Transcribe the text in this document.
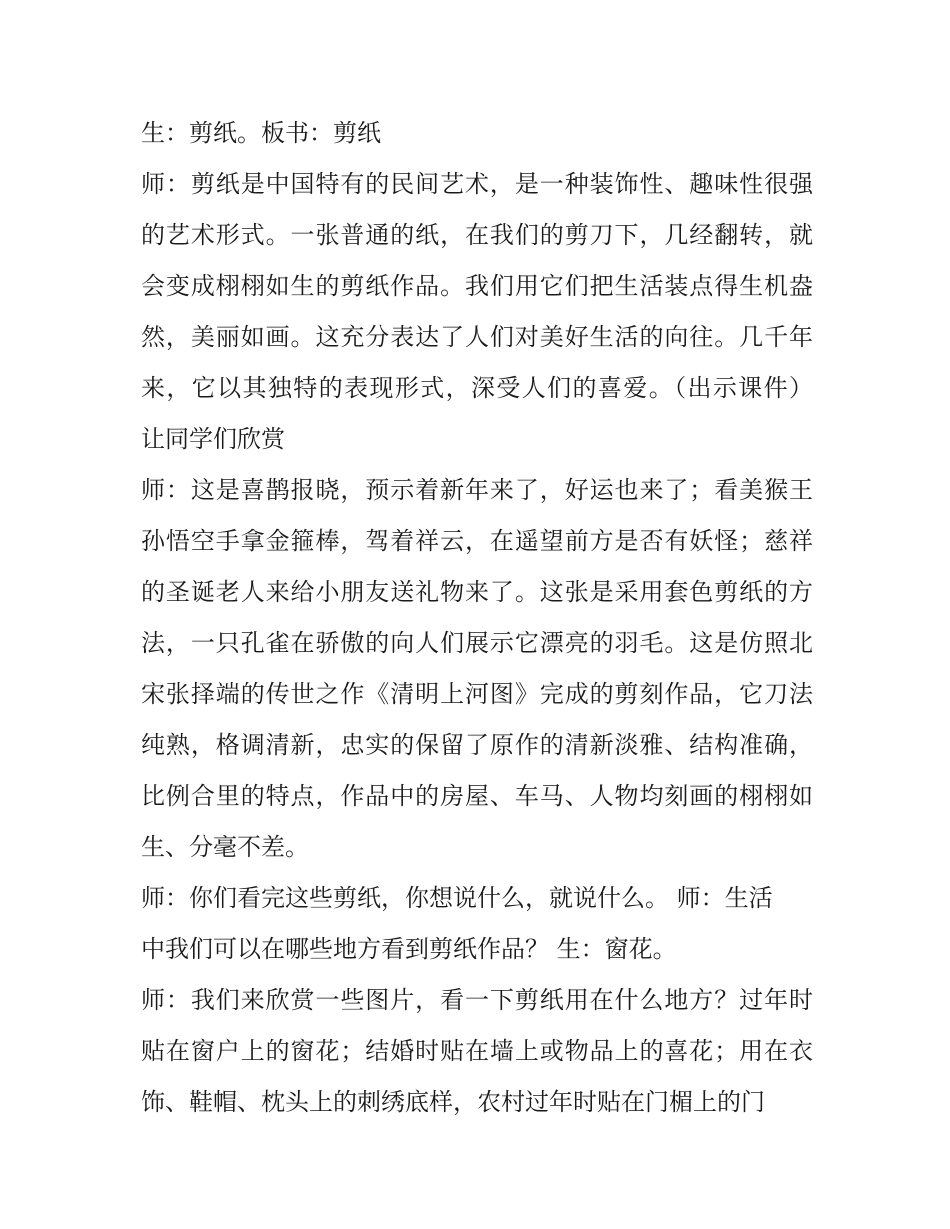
生：剪纸。板书：剪纸
师：剪纸是中国特有的民间艺术，是一种装饰性、趣味性很强
的艺术形式。一张普通的纸，在我们的剪刀下，几经翻转，就
会变成栩栩如生的剪纸作品。我们用它们把生活装点得生机盎
然，美丽如画。这充分表达了人们对美好生活的向往。几千年
来，它以其独特的表现形式，深受人们的喜爱。（出示课件）
让同学们欣赏
师：这是喜鹊报晓，预示着新年来了，好运也来了；看美猴王
孙悟空手拿金箍棒，驾着祥云，在遥望前方是否有妖怪；慈祥
的圣诞老人来给小朋友送礼物来了。这张是采用套色剪纸的方
法，一只孔雀在骄傲的向人们展示它漂亮的羽毛。这是仿照北
宋张择端的传世之作《清明上河图》完成的剪刻作品，它刀法
纯熟，格调清新，忠实的保留了原作的清新淡雅、结构准确，
比例合里的特点，作品中的房屋、车马、人物均刻画的栩栩如
生、分毫不差。
师：你们看完这些剪纸，你想说什么，就说什么。 师：生活
中我们可以在哪些地方看到剪纸作品？ 生：窗花。
师：我们来欣赏一些图片，看一下剪纸用在什么地方？过年时
贴在窗户上的窗花；结婚时贴在墙上或物品上的喜花；用在衣
饰、鞋帽、枕头上的刺绣底样，农村过年时贴在门楣上的门
